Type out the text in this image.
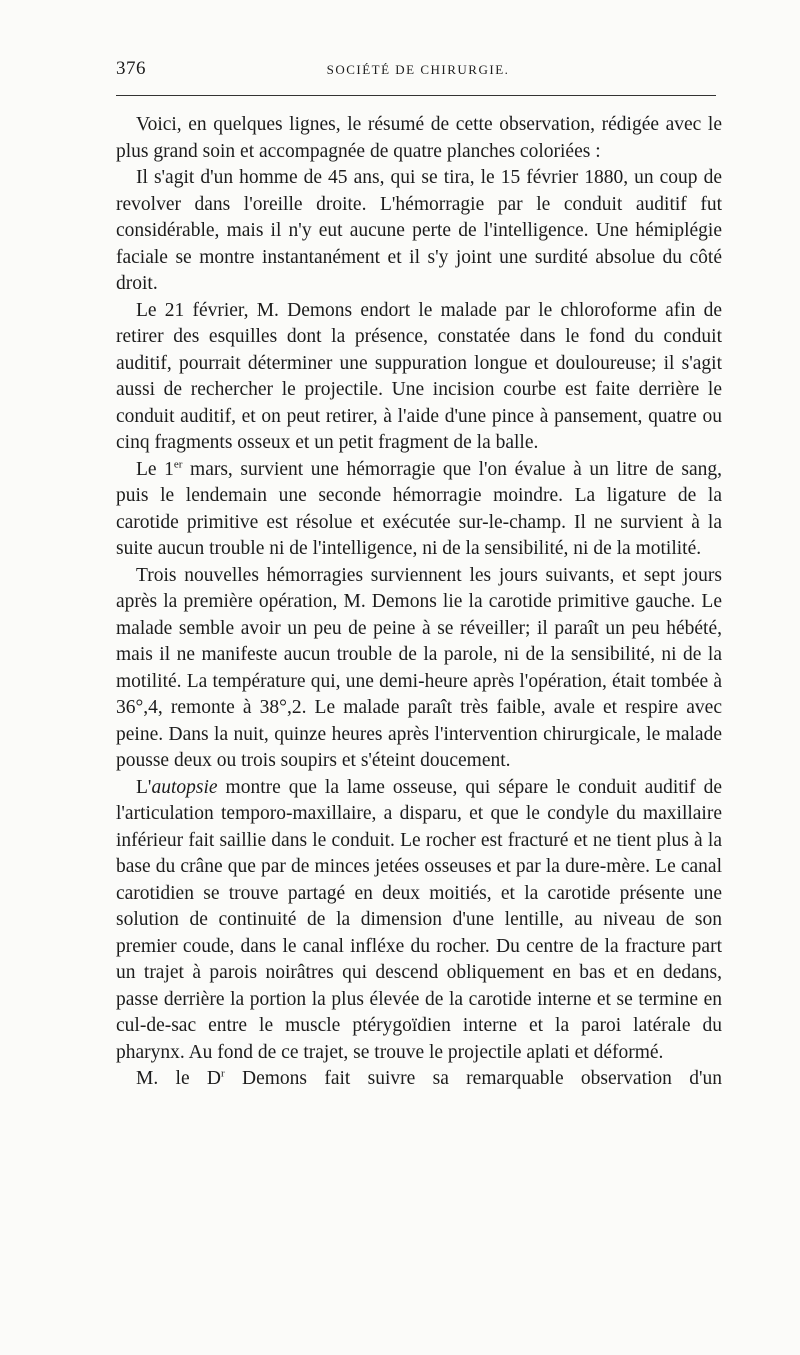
376	SOCIÉTÉ DE CHIRURGIE.

Voici, en quelques lignes, le résumé de cette observation, rédigée avec le plus grand soin et accompagnée de quatre planches coloriées :

Il s'agit d'un homme de 45 ans, qui se tira, le 15 février 1880, un coup de revolver dans l'oreille droite. L'hémorragie par le conduit auditif fut considérable, mais il n'y eut aucune perte de l'intelligence. Une hémiplégie faciale se montre instantanément et il s'y joint une surdité absolue du côté droit.

Le 21 février, M. Demons endort le malade par le chloroforme afin de retirer des esquilles dont la présence, constatée dans le fond du conduit auditif, pourrait déterminer une suppuration longue et douloureuse; il s'agit aussi de rechercher le projectile. Une incision courbe est faite derrière le conduit auditif, et on peut retirer, à l'aide d'une pince à pansement, quatre ou cinq fragments osseux et un petit fragment de la balle.

Le 1er mars, survient une hémorragie que l'on évalue à un litre de sang, puis le lendemain une seconde hémorragie moindre. La ligature de la carotide primitive est résolue et exécutée sur-le-champ. Il ne survient à la suite aucun trouble ni de l'intelligence, ni de la sensibilité, ni de la motilité.

Trois nouvelles hémorragies surviennent les jours suivants, et sept jours après la première opération, M. Demons lie la carotide primitive gauche. Le malade semble avoir un peu de peine à se réveiller; il paraît un peu hébété, mais il ne manifeste aucun trouble de la parole, ni de la sensibilité, ni de la motilité. La température qui, une demi-heure après l'opération, était tombée à 36°,4, remonte à 38°,2. Le malade paraît très faible, avale et respire avec peine. Dans la nuit, quinze heures après l'intervention chirurgicale, le malade pousse deux ou trois soupirs et s'éteint doucement.

L'autopsie montre que la lame osseuse, qui sépare le conduit auditif de l'articulation temporo-maxillaire, a disparu, et que le condyle du maxillaire inférieur fait saillie dans le conduit. Le rocher est fracturé et ne tient plus à la base du crâne que par de minces jetées osseuses et par la dure-mère. Le canal carotidien se trouve partagé en deux moitiés, et la carotide présente une solution de continuité de la dimension d'une lentille, au niveau de son premier coude, dans le canal infléxe du rocher. Du centre de la fracture part un trajet à parois noirâtres qui descend obliquement en bas et en dedans, passe derrière la portion la plus élevée de la carotide interne et se termine en cul-de-sac entre le muscle ptérygoïdien interne et la paroi latérale du pharynx. Au fond de ce trajet, se trouve le projectile aplati et déformé.

M. le $D^r$ Demons fait suivre sa remarquable observation d'un
